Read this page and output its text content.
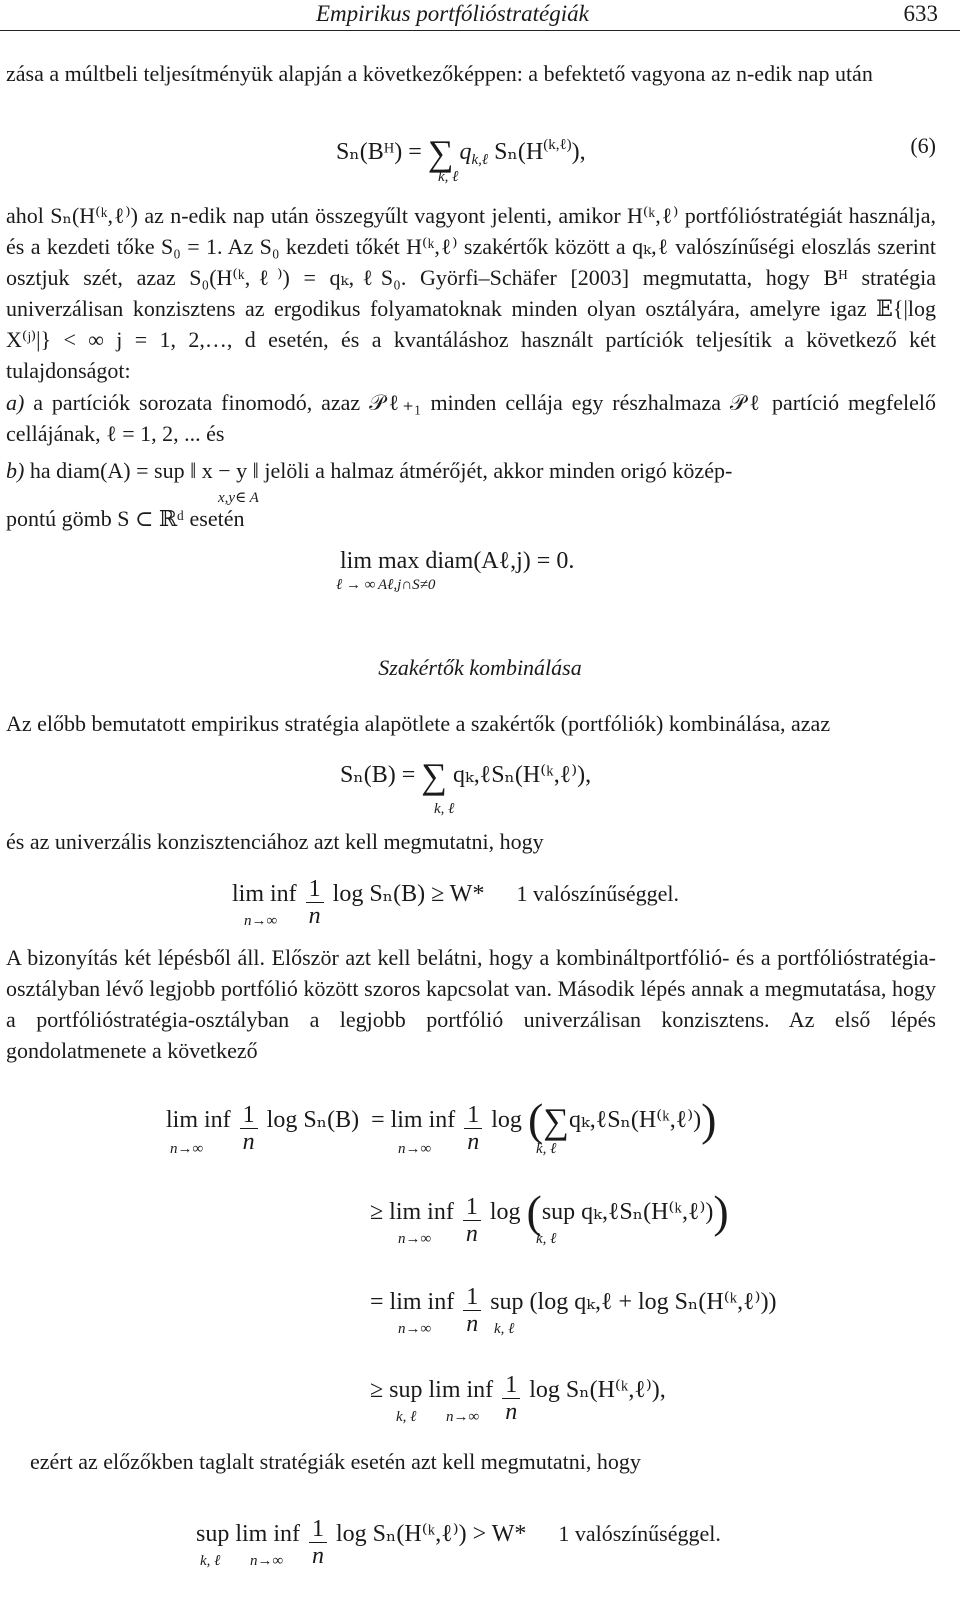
Empirikus portfólióstratégiák	633
zása a múltbeli teljesítményük alapján a következőképpen: a befektető vagyona az n-edik nap után
Sₙ(Bᴴ) = ∑ $q_{k,\ell}$ $S_n(H^{(k,\ell)})$,
k, ℓ
(6)
ahol Sₙ(H⁽ᵏ,ℓ⁾) az n-edik nap után összegyűlt vagyont jelenti, amikor H⁽ᵏ,ℓ⁾ portfólióstratégiát használja, és a kezdeti tőke S₀ = 1. Az S₀ kezdeti tőkét H⁽ᵏ,ℓ⁾ szakértők között a qₖ,ℓ valószínűségi eloszlás szerint osztjuk szét, azaz S₀(H⁽ᵏ,ℓ⁾) = qₖ,ℓS₀. Györfi–Schäfer [2003] megmutatta, hogy Bᴴ stratégia univerzálisan konzisztens az ergodikus folyamatoknak minden olyan osztályára, amelyre igaz 𝔼{|log X⁽ʲ⁾|} < ∞ j = 1, 2,…, d esetén, és a kvantáláshoz használt partíciók teljesítik a következő két tulajdonságot:
a) a partíciók sorozata finomodó, azaz 𝒫ℓ₊₁ minden cellája egy részhalmaza 𝒫ℓ partíció megfelelő cellájának, ℓ = 1, 2, ... és
b) ha diam(A) = sup ‖ x − y ‖ jelöli a halmaz átmérőjét, akkor minden origó közép-
x,y∈ A
pontú gömb S ⊂ ℝᵈ esetén
lim max diam(Aℓ,j) = 0.
ℓ → ∞ Aℓ,j∩S≠0
Szakértők kombinálása
Az előbb bemutatott empirikus stratégia alapötlete a szakértők (portfóliók) kombinálása, azaz
Sₙ(B) = ∑ qₖ,ℓSₙ(H⁽ᵏ,ℓ⁾),
k, ℓ
és az univerzális konzisztenciához azt kell megmutatni, hogy
lim inf $\frac{1}{n}$ log Sₙ(B) ≥ W* 1 valószínűséggel.
n→∞
A bizonyítás két lépésből áll. Először azt kell belátni, hogy a kombináltportfólió- és a portfólióstratégia-osztályban lévő legjobb portfólió között szoros kapcsolat van. Második lépés annak a megmutatása, hogy a portfólióstratégia-osztályban a legjobb portfólió univerzálisan konzisztens. Az első lépés gondolatmenete a következő
lim inf $\frac{1}{n}$ log Sₙ(B) = lim inf $\frac{1}{n}$ log (∑qₖ,ℓSₙ(H⁽ᵏ,ℓ⁾))
n→∞	n→∞	k, ℓ
≥ lim inf $\frac{1}{n}$ log (sup qₖ,ℓSₙ(H⁽ᵏ,ℓ⁾))
n→∞	k, ℓ
= lim inf $\frac{1}{n}$ sup (log qₖ,ℓ + log Sₙ(H⁽ᵏ,ℓ⁾))
n→∞	k, ℓ
≥ sup lim inf $\frac{1}{n}$ log Sₙ(H⁽ᵏ,ℓ⁾),
k, ℓ n→∞
ezért az előzőkben taglalt stratégiák esetén azt kell megmutatni, hogy
sup lim inf $\frac{1}{n}$ log Sₙ(H⁽ᵏ,ℓ⁾) > W* 1 valószínűséggel.
k, ℓ n→∞
